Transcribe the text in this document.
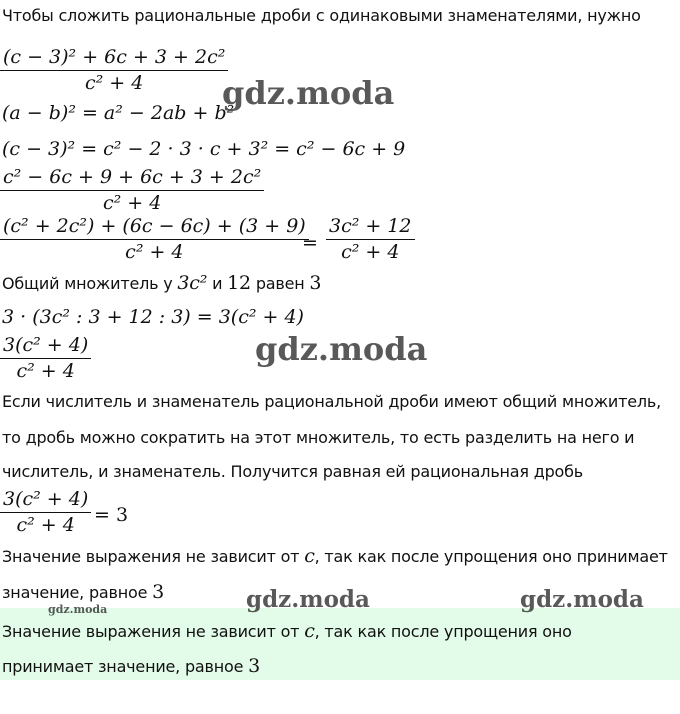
Чтобы сложить рациональные дроби с одинаковыми знаменателями, нужно
$\frac{\text{(c − 3)² + 6c + 3 + 2c²}}{\text{c² + 4}}$
(a − b)² = a² − 2ab + b²
(c − 3)² = c² − 2 · 3 · c + 3² = c² − 6c + 9
$\frac{\text{c² − 6c + 9 + 6c + 3 + 2c²}}{\text{c² + 4}}$
$\frac{\text{(c² + 2c²) + (6c − 6c) + (3 + 9)}}{\text{c² + 4}}$
= $\frac{\text{3c² + 12}}{\text{c² + 4}}$
Общий множитель у 3c² и 12 равен 3
3 · (3c² : 3 + 12 : 3) = 3(c² + 4)
$\frac{\text{3(c² + 4)}}{\text{c² + 4}}$
Если числитель и знаменатель рациональной дроби имеют общий множитель,
то дробь можно сократить на этот множитель, то есть разделить на него и
числитель, и знаменатель. Получится равная ей рациональная дробь
$\frac{\text{3(c² + 4)}}{\text{c² + 4}} = 3$
Значение выражения не зависит от c, так как после упрощения оно принимает
значение, равное 3
Значение выражения не зависит от c, так как после упрощения оно
принимает значение, равное 3
gdz.moda
gdz.moda
gdz.moda	gdz.moda
gdz.moda
